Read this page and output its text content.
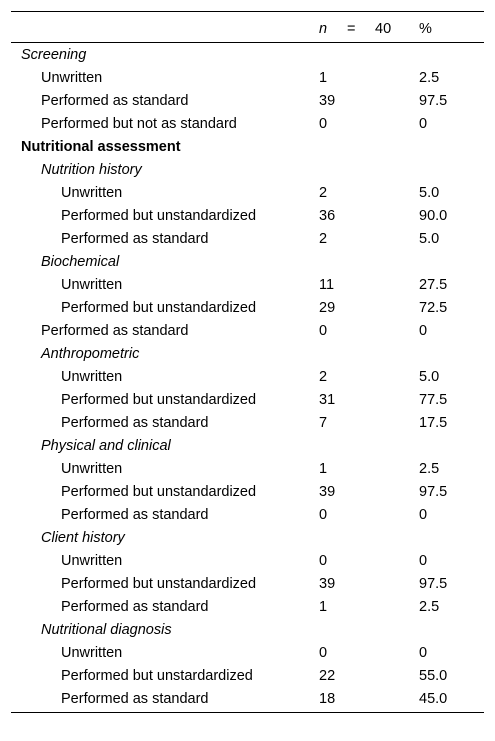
n = 40 %
Screening
Unwritten	1	2.5
Performed as standard	39	97.5
Performed but not as standard	0	0
Nutritional assessment
Nutrition history
Unwritten	2	5.0
Performed but unstandardized	36	90.0
Performed as standard	2	5.0
Biochemical
Unwritten	11	27.5
Performed but unstandardized	29	72.5
Performed as standard	0	0
Anthropometric
Unwritten	2	5.0
Performed but unstandardized	31	77.5
Performed as standard	7	17.5
Physical and clinical
Unwritten	1	2.5
Performed but unstandardized	39	97.5
Performed as standard	0	0
Client history
Unwritten	0	0
Performed but unstandardized	39	97.5
Performed as standard	1	2.5
Nutritional diagnosis
Unwritten	0	0
Performed but unstardardized	22	55.0
Performed as standard	18	45.0
